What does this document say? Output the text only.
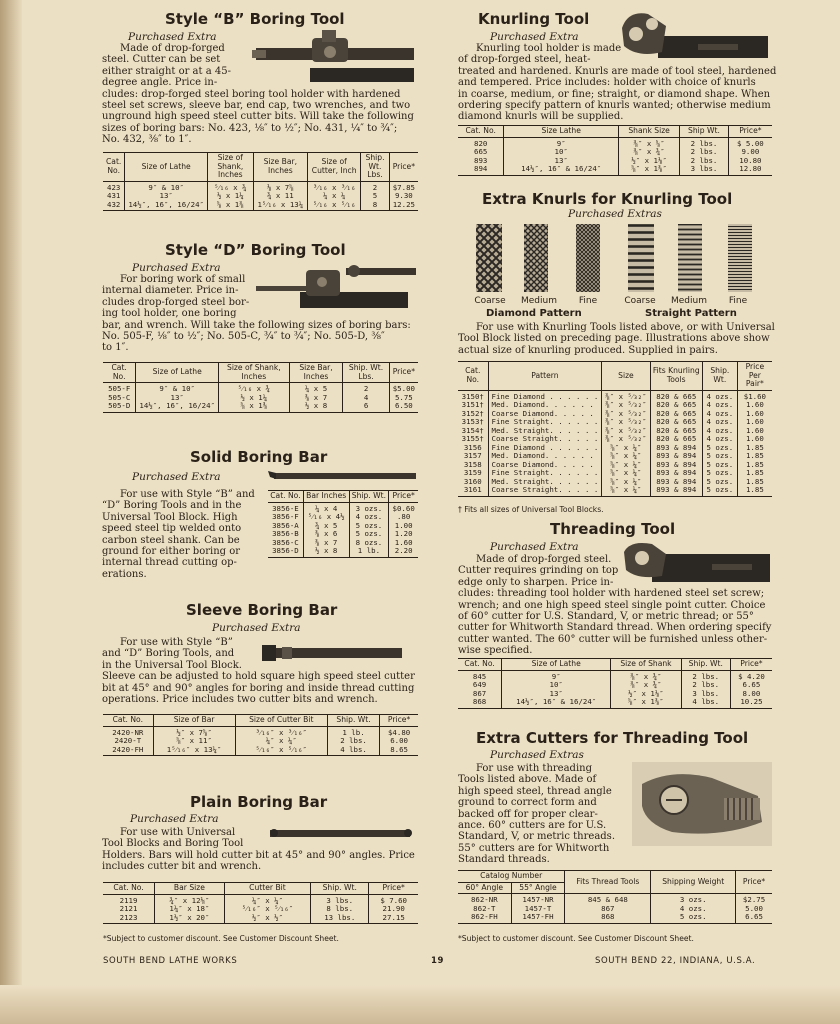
Style “B” Boring Tool
Purchased Extra
Made of drop-forged
steel. Cutter can be set
either straight or at a 45-
degree angle. Price in-
cludes: drop-forged steel boring tool holder with hardened
steel set screws, sleeve bar, end cap, two wrenches, and two
unground high speed steel cutter bits. Will take the following
sizes of boring bars: No. 423, ⅛″ to ½″; No. 431, ¼″ to ¾″;
No. 432, ⅜″ to 1″.
Cat. No.	Size of Lathe	Size of Shank, Inches	Size Bar, Inches	Size of Cutter, Inch	Ship. Wt. Lbs.	Price*
423	9″ & 10″	⁵⁄₁₆ x ¾	⅛ x 7⅝	³⁄₁₆ x ³⁄₁₆	2	$7.85
431	13″	½ x 1¼	¾ x 11	¼ x ¼	5	9.30
432	14½″, 16″, 16/24″	⅝ x 1⅜	1⁵⁄₁₆ x 13¼	⁵⁄₁₆ x ⁵⁄₁₆	8	12.25
Style “D” Boring Tool
Purchased Extra
For boring work of small
internal diameter. Price in-
cludes drop-forged steel bor-
ing tool holder, one boring
bar, and wrench. Will take the following sizes of boring bars:
No. 505-F, ⅛″ to ½″; No. 505-C, ¾″ to ¾″; No. 505-D, ⅜″
to 1″.
Cat. No.	Size of Lathe	Size of Shank, Inches	Size Bar, Inches	Ship. Wt. Lbs.	Price*
505-F	9″ & 10″	⁵⁄₁₆ x ¾	¼ x 5	2	$5.00
505-C	13″	½ x 1¼	⅜ x 7	4	5.75
505-D	14½″, 16″, 16/24″	⅝ x 1⅜	½ x 8	6	6.50
Solid Boring Bar
Purchased Extra
For use with Style “B” and
“D” Boring Tools and in the
Universal Tool Block. High
speed steel tip welded onto
carbon steel shank. Can be
ground for either boring or
internal thread cutting op-
erations.
Cat. No.	Bar Inches	Ship. Wt.	Price*
3856-E	¼ x 4	3 ozs.	$0.60
3856-F	⁵⁄₁₆ x 4½	4 ozs.	.80
3856-A	¾ x 5	5 ozs.	1.00
3856-B	⅜ x 6	5 ozs.	1.20
3856-C	⅜ x 7	8 ozs.	1.60
3856-D	½ x 8	1 lb.	2.20
Sleeve Boring Bar
Purchased Extra
For use with Style “B”
and “D” Boring Tools, and
in the Universal Tool Block.
Sleeve can be adjusted to hold square high speed steel cutter
bit at 45° and 90° angles for boring and inside thread cutting
operations. Price includes two cutter bits and wrench.
Cat. No.	Size of Bar	Size of Cutter Bit	Ship. Wt.	Price*
2420-NR	½″ x 7⅝″	³⁄₁₆″ x ³⁄₁₆″	1 lb.	$4.80
2420-T	⅝″ x 11″	¼″ x ¼″	2 lbs.	6.00
2420-FH	1⁵⁄₁₆″ x 13¼″	⁵⁄₁₆″ x ⁵⁄₁₆″	4 lbs.	8.65
Plain Boring Bar
Purchased Extra
For use with Universal
Tool Blocks and Boring Tool
Holders. Bars will hold cutter bit at 45° and 90° angles. Price
includes cutter bit and wrench.
Cat. No.	Bar Size	Cutter Bit	Ship. Wt.	Price*
2119	¾″ x 12⅛″	¼″ x ¼″	3 lbs.	$ 7.60
2121	1¼″ x 18″	⁵⁄₁₆″ x ⁵⁄₁₆″	8 lbs.	21.90
2123	1½″ x 20″	½″ x ½″	13 lbs.	27.15
*Subject to customer discount. See Customer Discount Sheet.
Knurling Tool
Purchased Extra
Knurling tool holder is made
of drop-forged steel, heat-
treated and hardened. Knurls are made of tool steel, hardened
and tempered. Price includes: holder with choice of knurls
in coarse, medium, or fine; straight, or diamond shape. When
ordering specify pattern of knurls wanted; otherwise medium
diamond knurls will be supplied.
Cat. No.	Size Lathe	Shank Size	Ship Wt.	Price*
820	9″	⅜″ x ⅝″	2 lbs.	$ 5.00
665	10″	⅜″ x ¾″	2 lbs.	9.00
893	13″	½″ x 1⅛″	2 lbs.	10.80
894	14½″, 16″ & 16/24″	⅝″ x 1⅜″	3 lbs.	12.80
Extra Knurls for Knurling Tool
Purchased Extras
Coarse	Medium	Fine	Coarse	Medium	Fine
Diamond Pattern	Straight Pattern
For use with Knurling Tools listed above, or with Universal
Tool Block listed on preceding page. Illustrations above show
actual size of knurling produced. Supplied in pairs.
Cat. No.	Pattern	Size	Fits Knurling Tools	Ship. Wt.	Price Per Pair*
3150†	Fine Diamond . . . . . .	⅜″ x ⁵⁄₃₂″	820 & 665	4 ozs.	$1.60
3151†	Med. Diamond. . . . . .	⅜″ x ⁵⁄₃₂″	820 & 665	4 ozs.	1.60
3152†	Coarse Diamond. . . . .	⅜″ x ⁵⁄₃₂″	820 & 665	4 ozs.	1.60
3153†	Fine Straight. . . . . .	⅜″ x ⁵⁄₃₂″	820 & 665	4 ozs.	1.60
3154†	Med. Straight. . . . . .	⅜″ x ⁵⁄₃₂″	820 & 665	4 ozs.	1.60
3155†	Coarse Straight. . . . .	⅜″ x ⁵⁄₃₂″	820 & 665	4 ozs.	1.60
3156	Fine Diamond . . . . . .	⅝″ x ¼″	893 & 894	5 ozs.	1.85
3157	Med. Diamond. . . . . .	⅝″ x ¼″	893 & 894	5 ozs.	1.85
3158	Coarse Diamond. . . . .	⅝″ x ¼″	893 & 894	5 ozs.	1.85
3159	Fine Straight. . . . . .	⅝″ x ¼″	893 & 894	5 ozs.	1.85
3160	Med. Straight. . . . . .	⅝″ x ¼″	893 & 894	5 ozs.	1.85
3161	Coarse Straight. . . . .	⅝″ x ¼″	893 & 894	5 ozs.	1.85
† Fits all sizes of Universal Tool Blocks.
Threading Tool
Purchased Extra
Made of drop-forged steel.
Cutter requires grinding on top
edge only to sharpen. Price in-
cludes: threading tool holder with hardened steel set screw;
wrench; and one high speed steel single point cutter. Choice
of 60° cutter for U.S. Standard, V, or metric thread; or 55°
cutter for Whitworth Standard thread. When ordering specify
cutter wanted. The 60° cutter will be furnished unless other-
wise specified.
Cat. No.	Size of Lathe	Size of Shank	Ship. Wt.	Price*
845	9″	⅜″ x ¾″	2 lbs.	$ 4.20
649	10″	⅜″ x ¾″	2 lbs.	6.65
867	13″	½″ x 1⅛″	3 lbs.	8.00
868	14½″, 16″ & 16/24″	⅝″ x 1⅜″	4 lbs.	10.25
Extra Cutters for Threading Tool
Purchased Extras
For use with threading
Tools listed above. Made of
high speed steel, thread angle
ground to correct form and
backed off for proper clear-
ance. 60° cutters are for U.S.
Standard, V, or metric threads.
55° cutters are for Whitworth
Standard threads.
Catalog Number		Fits Thread Tools	Shipping Weight	Price*
60° Angle	55° Angle			
862-NR	1457-NR	845 & 648	3 ozs.	$2.75
862-T	1457-T	867	4 ozs.	5.00
862-FH	1457-FH	868	5 ozs.	6.65
*Subject to customer discount. See Customer Discount Sheet.
SOUTH BEND LATHE WORKS	19	SOUTH BEND 22, INDIANA, U.S.A.
